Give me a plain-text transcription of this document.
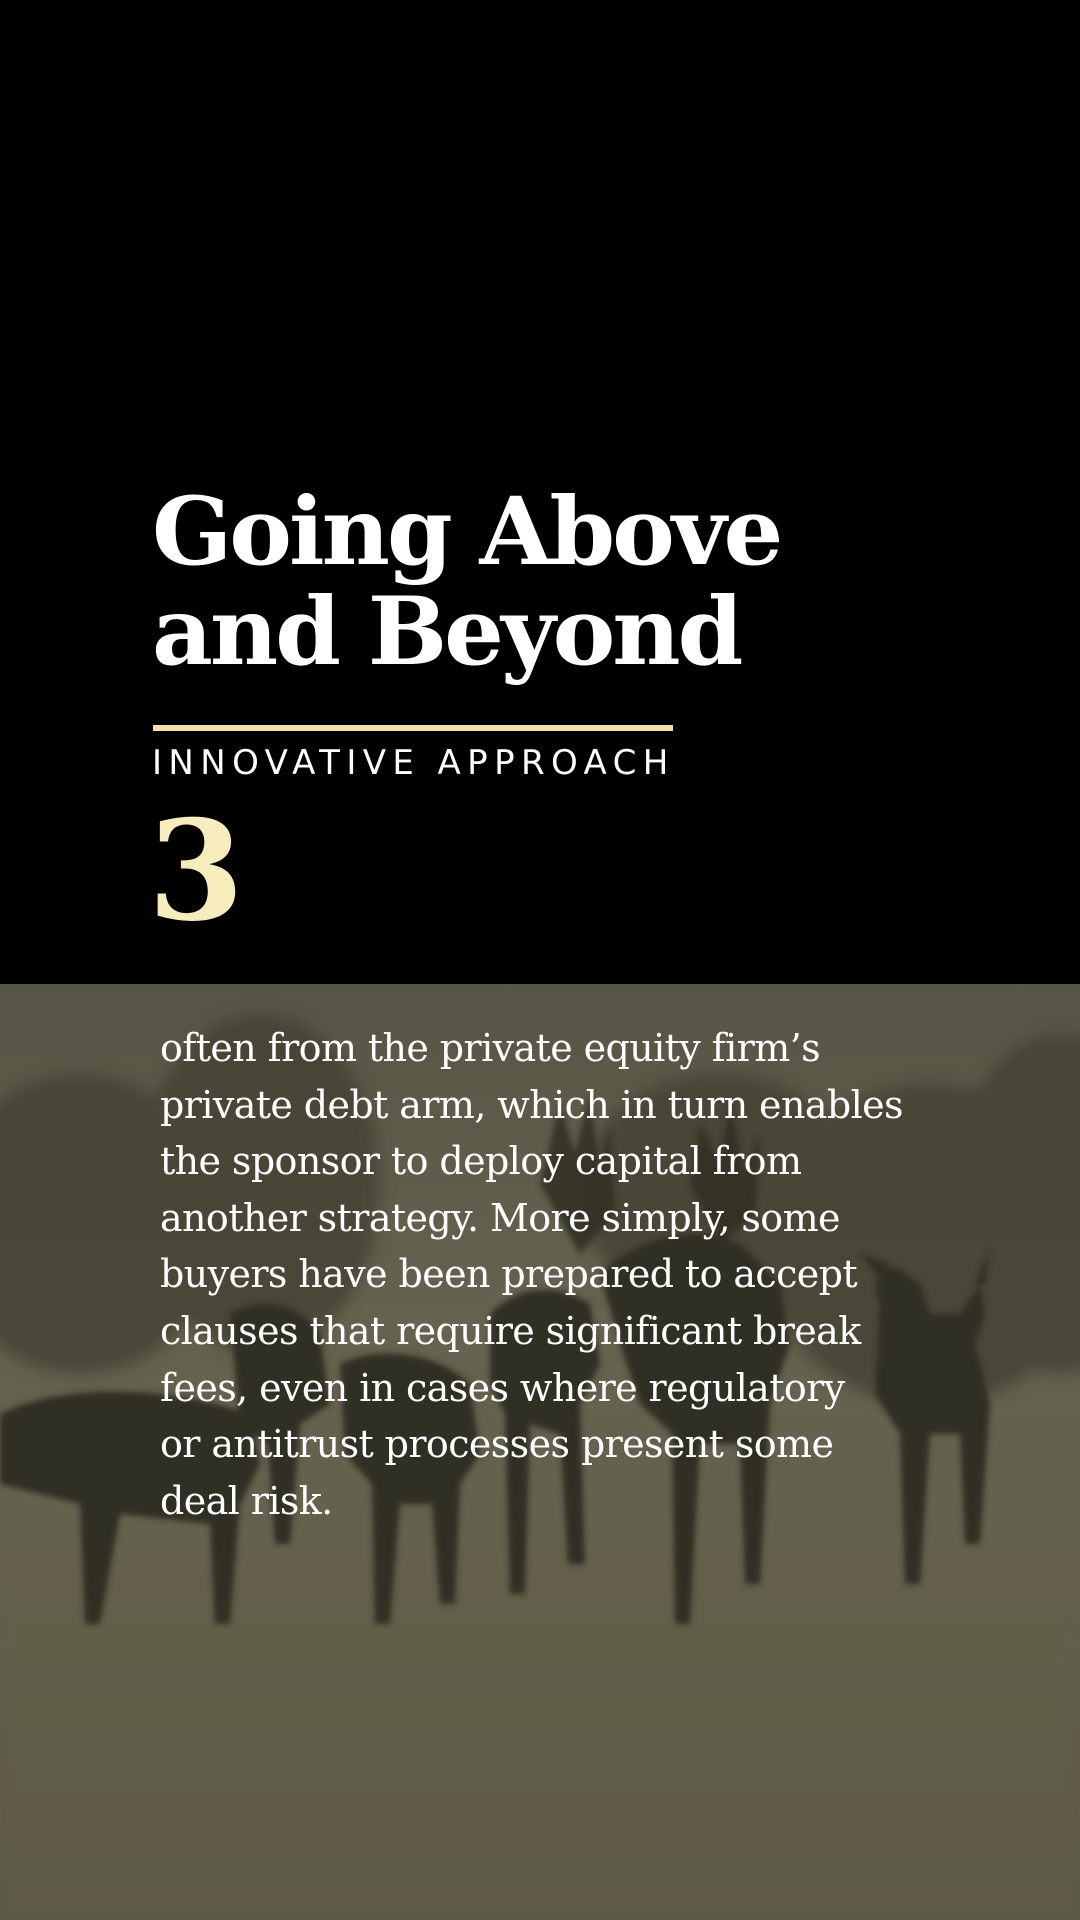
Going Above
and Beyond
INNOVATIVE APPROACH
3

often from the private equity firm’s
private debt arm, which in turn enables
the sponsor to deploy capital from
another strategy. More simply, some
buyers have been prepared to accept
clauses that require significant break
fees, even in cases where regulatory
or antitrust processes present some
deal risk.
